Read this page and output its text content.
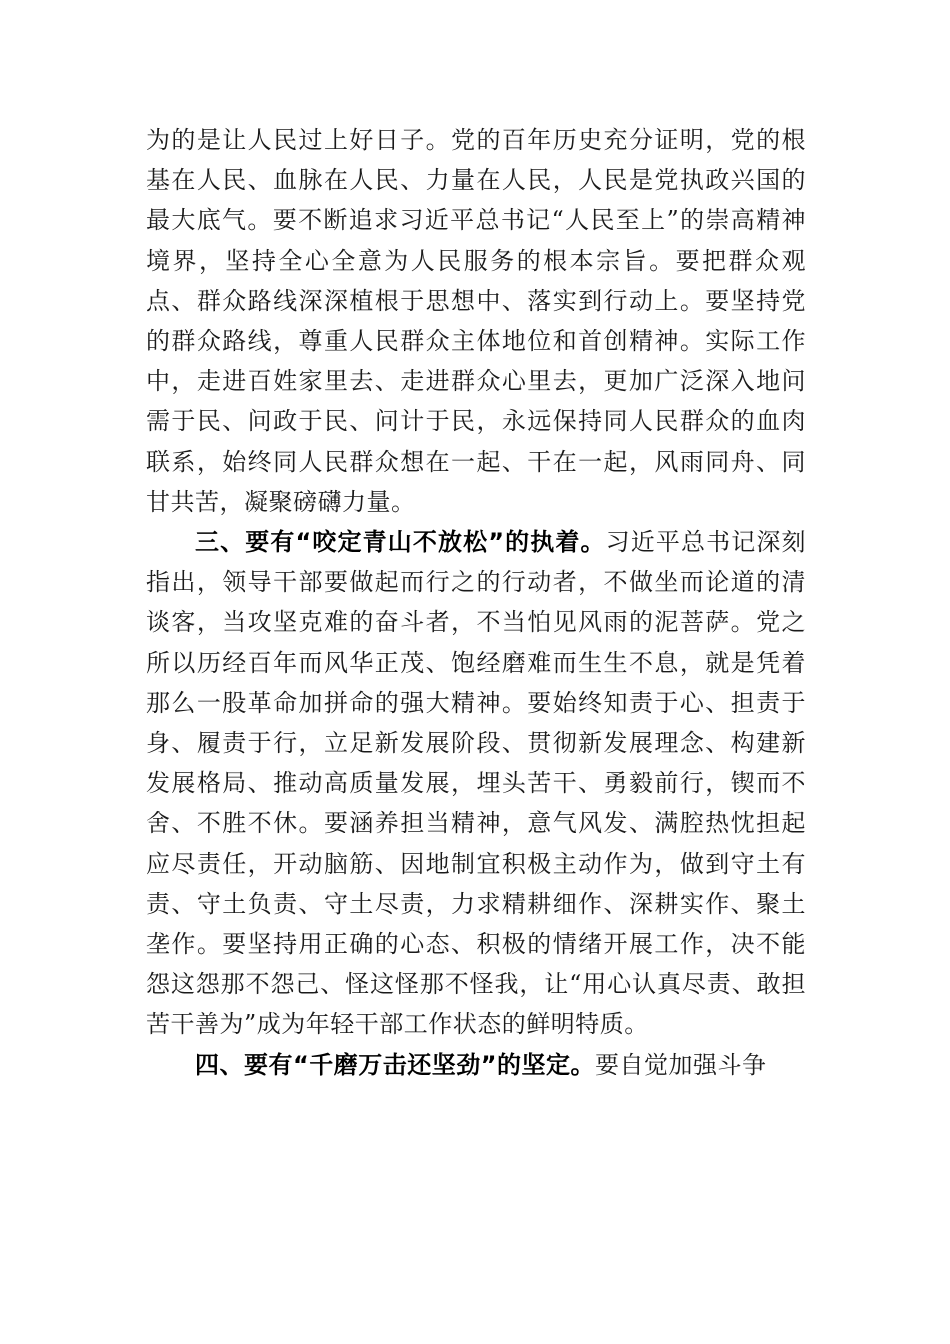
为的是让人民过上好日子。党的百年历史充分证明，党的根基在人民、血脉在人民、力量在人民，人民是党执政兴国的最大底气。要不断追求习近平总书记“人民至上”的崇高精神境界，坚持全心全意为人民服务的根本宗旨。要把群众观点、群众路线深深植根于思想中、落实到行动上。要坚持党的群众路线，尊重人民群众主体地位和首创精神。实际工作中，走进百姓家里去、走进群众心里去，更加广泛深入地问需于民、问政于民、问计于民，永远保持同人民群众的血肉联系，始终同人民群众想在一起、干在一起，风雨同舟、同甘共苦，凝聚磅礴力量。

三、要有“咬定青山不放松”的执着。习近平总书记深刻指出，领导干部要做起而行之的行动者，不做坐而论道的清谈客，当攻坚克难的奋斗者，不当怕见风雨的泥菩萨。党之所以历经百年而风华正茂、饱经磨难而生生不息，就是凭着那么一股革命加拼命的强大精神。要始终知责于心、担责于身、履责于行，立足新发展阶段、贯彻新发展理念、构建新发展格局、推动高质量发展，埋头苦干、勇毅前行，锲而不舍、不胜不休。要涵养担当精神，意气风发、满腔热忱担起应尽责任，开动脑筋、因地制宜积极主动作为，做到守土有责、守土负责、守土尽责，力求精耕细作、深耕实作、聚土垄作。要坚持用正确的心态、积极的情绪开展工作，决不能怨这怨那不怨己、怪这怪那不怪我，让“用心认真尽责、敢担苦干善为”成为年轻干部工作状态的鲜明特质。

四、要有“千磨万击还坚劲”的坚定。要自觉加强斗争
